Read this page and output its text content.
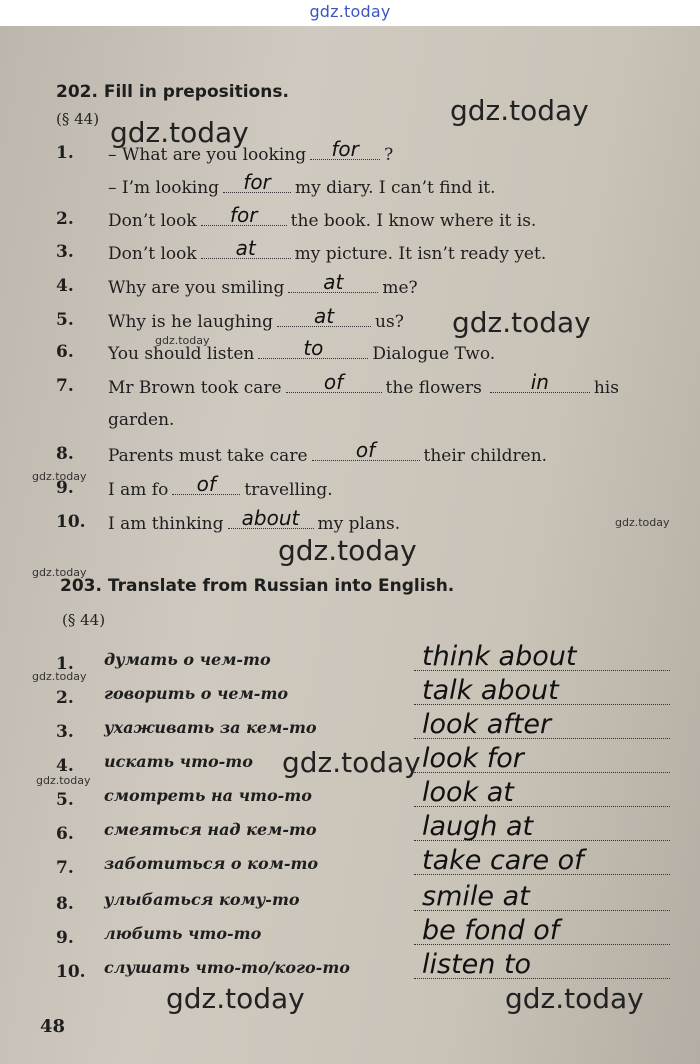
gdz.today
202. Fill in prepositions.
(§ 44)
1.	– What are you looking	for	?
– I’m looking	for	my diary. I can’t find it.
2.	Don’t look	for	the book. I know where it is.
3.	Don’t look	at	my picture. It isn’t ready yet.
4.	Why are you smiling	at	me?
5.	Why is he laughing	at	us?
6.	You should listen	to	Dialogue Two.
7.	Mr Brown took care	of	the flowers	in	his
garden.
8.	Parents must take care	of	their children.
9.	I am fo	of	travelling.
10. I am thinking about	my plans.
203. Translate from Russian into English.
(§ 44)
1.	думать о чем-то	think about
2.	говорить о чем-то	talk about
3.	ухаживать за кем-то	look after
4.	искать что-то	look for
5.	смотреть на что-то	look at
6.	смеяться над кем-то	laugh at
7.	заботиться о ком-то	take care of
8.	улыбаться кому-то	smile at
9.	любить что-то	be fond of
10. слушать что-то/кого-то	listen to
48
gdz.today
gdz.today
gdz.today
gdz.today
gdz.today
gdz.today
gdz.today
gdz.today
gdz.today
gdz.today
gdz.today
gdz.today	gdz.today
